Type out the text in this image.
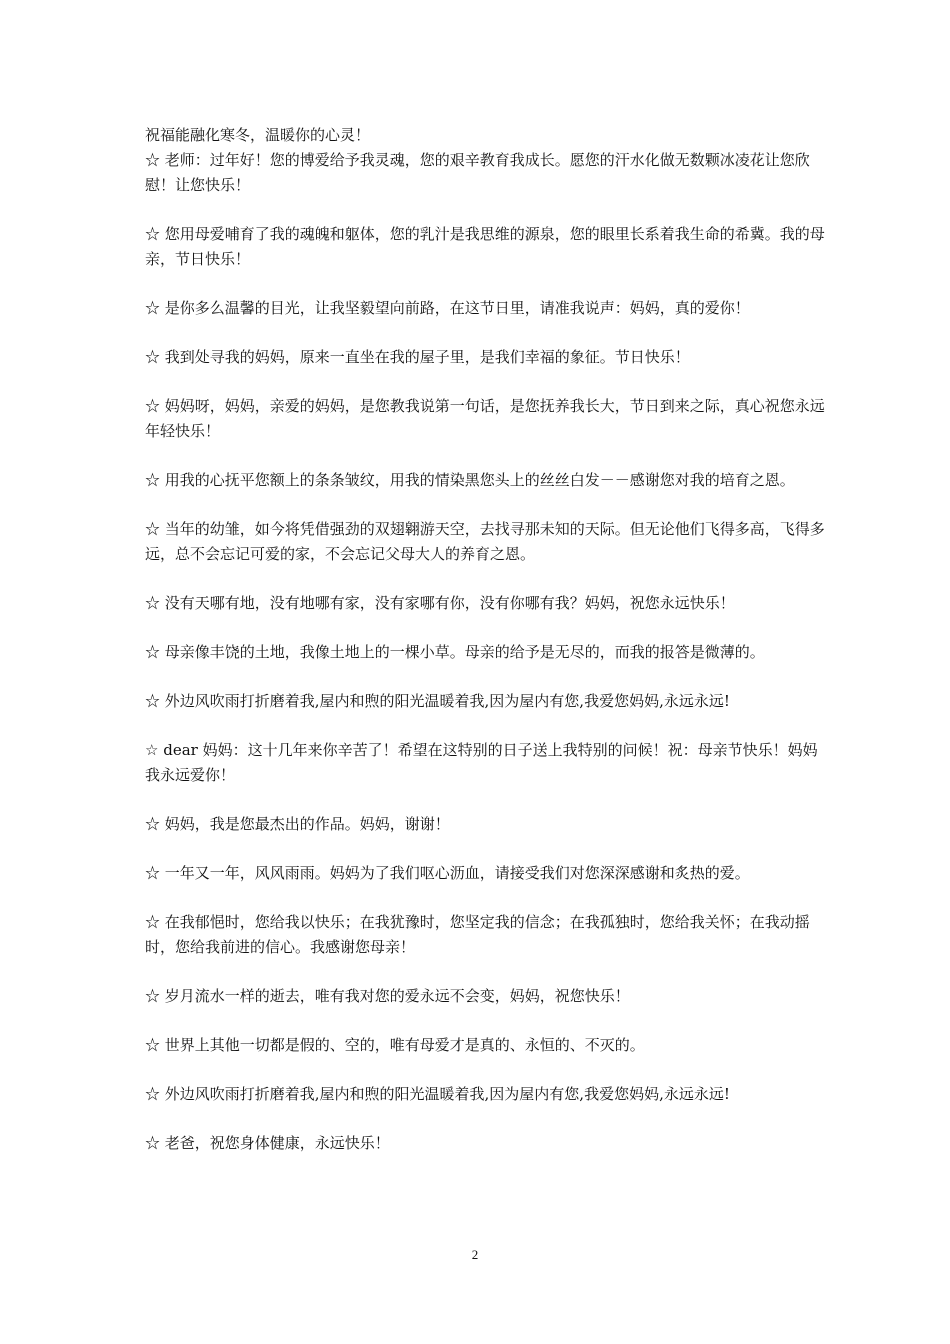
祝福能融化寒冬，温暖你的心灵！

☆ 老师：过年好！您的博爱给予我灵魂，您的艰辛教育我成长。愿您的汗水化做无数颗冰凌花让您欣慰！让您快乐！

☆ 您用母爱哺育了我的魂魄和躯体，您的乳汁是我思维的源泉，您的眼里长系着我生命的希冀。我的母亲，节日快乐！

☆ 是你多么温馨的目光，让我坚毅望向前路，在这节日里，请准我说声：妈妈，真的爱你！

☆ 我到处寻我的妈妈，原来一直坐在我的屋子里，是我们幸福的象征。节日快乐！

☆ 妈妈呀，妈妈，亲爱的妈妈，是您教我说第一句话，是您抚养我长大，节日到来之际，真心祝您永远年轻快乐！

☆ 用我的心抚平您额上的条条皱纹，用我的情染黑您头上的丝丝白发－－感谢您对我的培育之恩。

☆ 当年的幼雏，如今将凭借强劲的双翅翱游天空，去找寻那未知的天际。但无论他们飞得多高，飞得多远，总不会忘记可爱的家，不会忘记父母大人的养育之恩。

☆ 没有天哪有地，没有地哪有家，没有家哪有你，没有你哪有我？妈妈，祝您永远快乐！

☆ 母亲像丰饶的土地，我像土地上的一棵小草。母亲的给予是无尽的，而我的报答是微薄的。

☆ 外边风吹雨打折磨着我,屋内和煦的阳光温暖着我,因为屋内有您,我爱您妈妈,永远永远!

☆ dear 妈妈：这十几年来你辛苦了！希望在这特别的日子送上我特别的问候！祝：母亲节快乐！妈妈我永远爱你！

☆ 妈妈，我是您最杰出的作品。妈妈，谢谢！

☆ 一年又一年，风风雨雨。妈妈为了我们呕心沥血，请接受我们对您深深感谢和炙热的爱。

☆ 在我郁悒时，您给我以快乐；在我犹豫时，您坚定我的信念；在我孤独时，您给我关怀；在我动摇时，您给我前进的信心。我感谢您母亲！

☆ 岁月流水一样的逝去，唯有我对您的爱永远不会变，妈妈，祝您快乐！

☆ 世界上其他一切都是假的、空的，唯有母爱才是真的、永恒的、不灭的。

☆ 外边风吹雨打折磨着我,屋内和煦的阳光温暖着我,因为屋内有您,我爱您妈妈,永远永远!

☆ 老爸，祝您身体健康，永远快乐！

2
